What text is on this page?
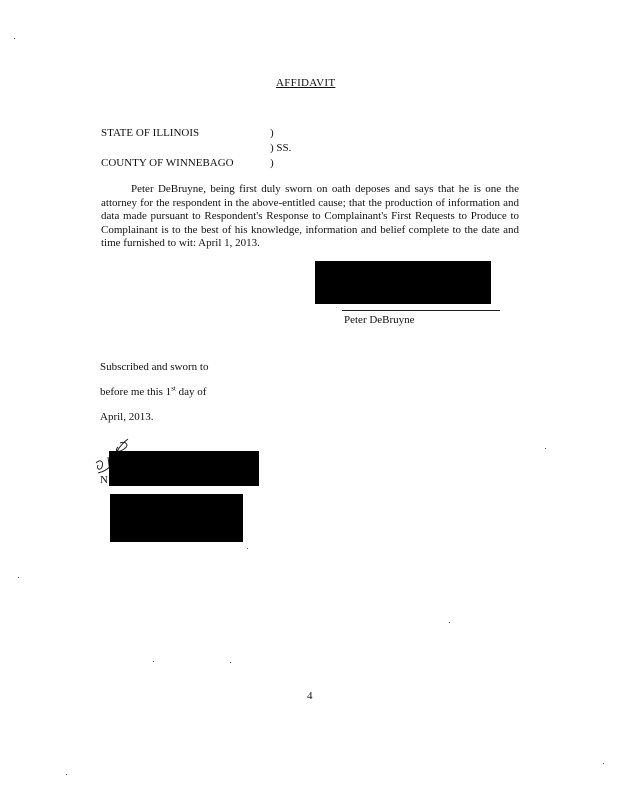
AFFIDAVIT
STATE OF ILLINOIS	)
) SS.
COUNTY OF WINNEBAGO	)
Peter DeBruyne, being first duly sworn on oath deposes and says that he is one the attorney for the respondent in the above-entitled cause; that the production of information and data made pursuant to Respondent's Response to Complainant's First Requests to Produce to Complainant is to the best of his knowledge, information and belief complete to the date and time furnished to wit: April 1, 2013.
Peter DeBruyne
Subscribed and sworn to
before me this 1st day of
April, 2013.
N
4
